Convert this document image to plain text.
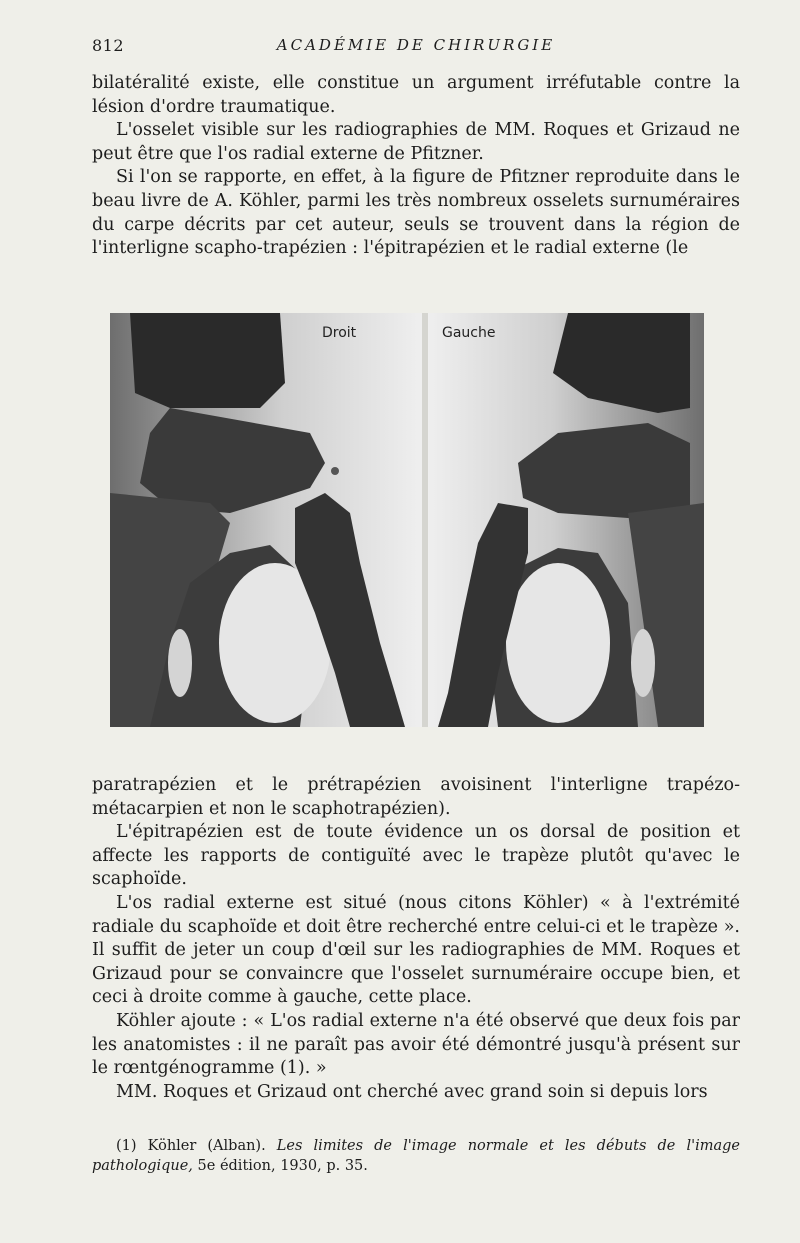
812	ACADÉMIE DE CHIRURGIE

bilatéralité existe, elle constitue un argument irréfutable contre la lésion d'ordre traumatique.

L'osselet visible sur les radiographies de MM. Roques et Grizaud ne peut être que l'os radial externe de Pfitzner.

Si l'on se rapporte, en effet, à la figure de Pfitzner reproduite dans le beau livre de A. Köhler, parmi les très nombreux osselets surnuméraires du carpe décrits par cet auteur, seuls se trouvent dans la région de l'interligne scapho-trapézien : l'épitrapézien et le radial externe (le

Droit	Gauche

paratrapézien et le prétrapézien avoisinent l'interligne trapézo-métacarpien et non le scaphotrapézien).

L'épitrapézien est de toute évidence un os dorsal de position et affecte les rapports de contiguïté avec le trapèze plutôt qu'avec le scaphoïde.

L'os radial externe est situé (nous citons Köhler) « à l'extrémité radiale du scaphoïde et doit être recherché entre celui-ci et le trapèze ». Il suffit de jeter un coup d'œil sur les radiographies de MM. Roques et Grizaud pour se convaincre que l'osselet surnuméraire occupe bien, et ceci à droite comme à gauche, cette place.

Köhler ajoute : « L'os radial externe n'a été observé que deux fois par les anatomistes : il ne paraît pas avoir été démontré jusqu'à présent sur le rœntgénogramme (1). »

MM. Roques et Grizaud ont cherché avec grand soin si depuis lors

(1) Köhler (Alban). Les limites de l'image normale et les débuts de l'image pathologique, 5e édition, 1930, p. 35.
